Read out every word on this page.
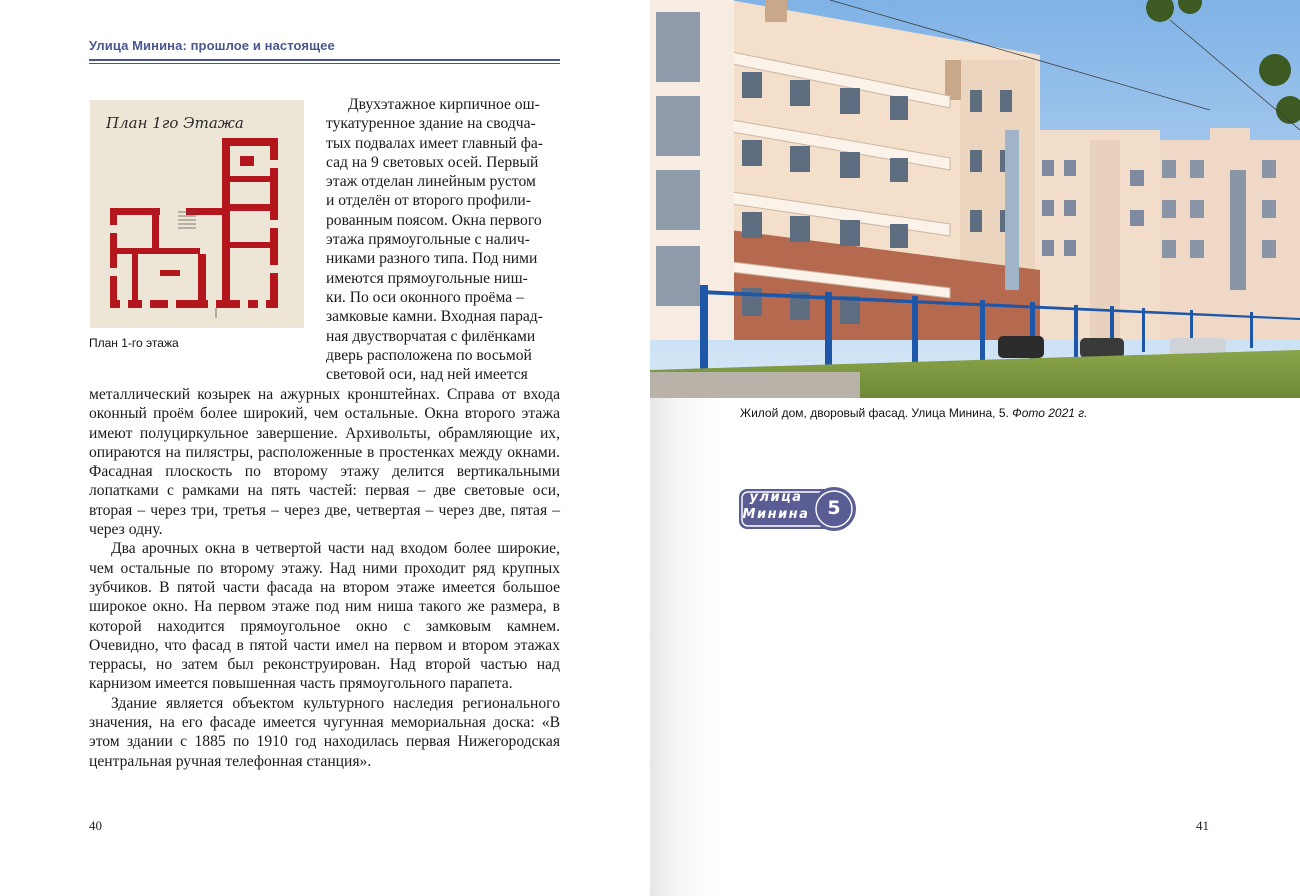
Улица Минина: прошлое и настоящее
План 1го Этажа
План 1-го этажа

Двухэтажное кирпичное ош-

тукатуренное здание на сводча-

тых подвалах имеет главный фа-

сад на 9 световых осей. Первый

этаж отделан линейным рустом

и отделён от второго профили-

рованным поясом. Окна первого

этажа прямоугольные с налич-

никами разного типа. Под ними

имеются прямоугольные ниш-

ки. По оси оконного проёма –

замковые камни. Входная парад-

ная двустворчатая с филёнками

дверь расположена по восьмой

световой оси, над ней имеется

металлический козырек на ажурных кронштейнах. Справа от входа оконный проём более широкий, чем остальные. Окна второго этажа имеют полуциркульное завершение. Архивольты, обрамляющие их, опираются на пилястры, расположенные в простенках между окнами. Фасадная плоскость по второму этажу делится вертикальными лопатками с рамками на пять частей: первая – две световые оси, вторая – через три, третья – через две, четвертая – через две, пятая – через одну.

Два арочных окна в четвертой части над входом более широкие, чем остальные по второму этажу. Над ними проходит ряд крупных зубчиков. В пятой части фасада на втором этаже имеется большое широкое окно. На первом этаже под ним ниша такого же размера, в которой находится прямоугольное окно с замковым камнем. Очевидно, что фасад в пятой части имел на первом и втором этажах террасы, но затем был реконструирован. Над второй частью над карнизом имеется повышенная часть прямоугольного парапета.

Здание является объектом культурного наследия регионального значения, на его фасаде имеется чугунная мемориальная доска: «В этом здании с 1885 по 1910 год находилась первая Нижегородская центральная ручная телефонная станция».

40
Жилой дом, дворовый фасад. Улица Минина, 5. Фото 2021 г.
улица
Минина 5

41
